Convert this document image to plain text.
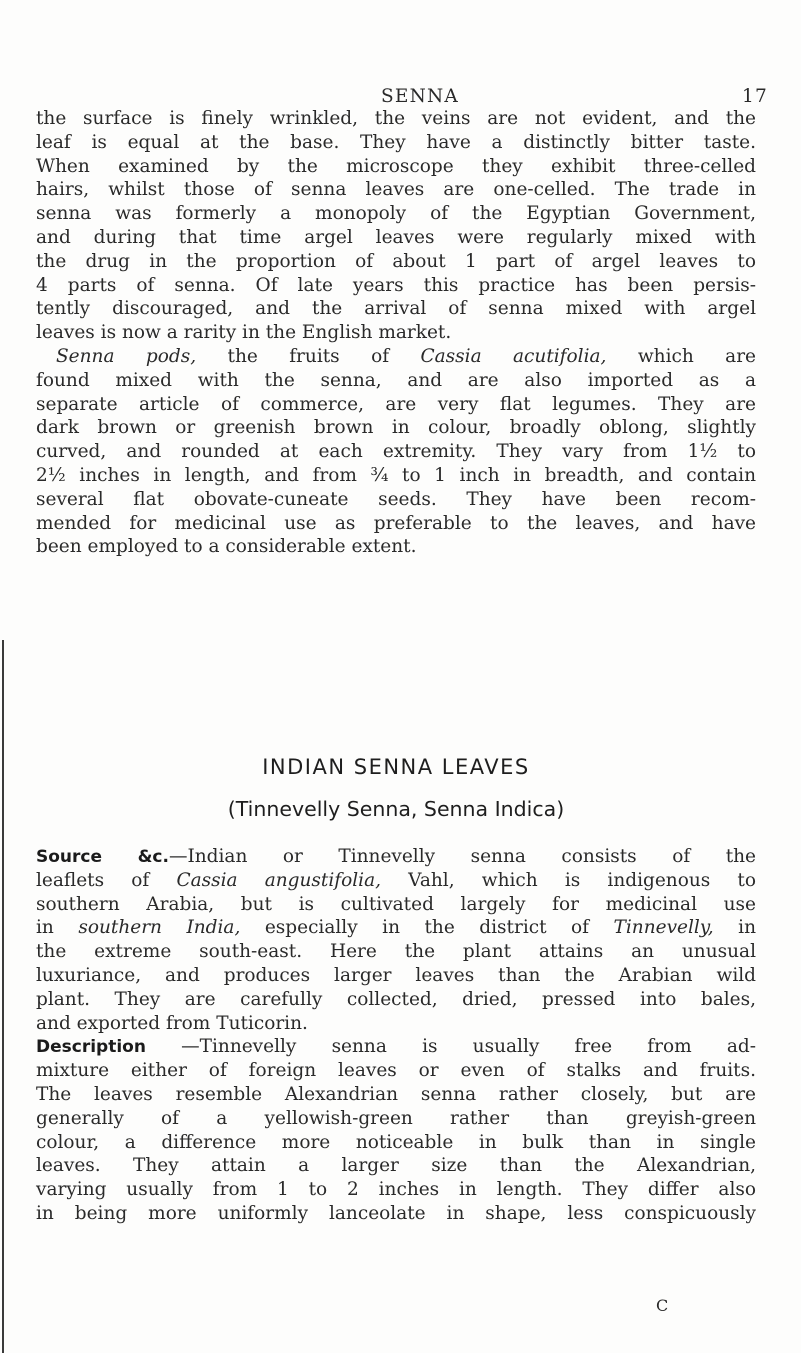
SENNA	17
the surface is finely wrinkled, the veins are not evident, and the
leaf is equal at the base. They have a distinctly bitter taste.
When examined by the microscope they exhibit three-celled
hairs, whilst those of senna leaves are one-celled. The trade in
senna was formerly a monopoly of the Egyptian Government,
and during that time argel leaves were regularly mixed with
the drug in the proportion of about 1 part of argel leaves to
4 parts of senna. Of late years this practice has been persis-
tently discouraged, and the arrival of senna mixed with argel
leaves is now a rarity in the English market.
Senna pods, the fruits of Cassia acutifolia, which are
found mixed with the senna, and are also imported as a
separate article of commerce, are very flat legumes. They are
dark brown or greenish brown in colour, broadly oblong, slightly
curved, and rounded at each extremity. They vary from 1½ to
2½ inches in length, and from ¾ to 1 inch in breadth, and contain
several flat obovate-cuneate seeds. They have been recom-
mended for medicinal use as preferable to the leaves, and have
been employed to a considerable extent.
INDIAN SENNA LEAVES
(Tinnevelly Senna, Senna Indica)
Source &c.—Indian or Tinnevelly senna consists of the
leaflets of Cassia angustifolia, Vahl, which is indigenous to
southern Arabia, but is cultivated largely for medicinal use
in southern India, especially in the district of Tinnevelly, in
the extreme south-east. Here the plant attains an unusual
luxuriance, and produces larger leaves than the Arabian wild
plant. They are carefully collected, dried, pressed into bales,
and exported from Tuticorin.
Description —Tinnevelly senna is usually free from ad-
mixture either of foreign leaves or even of stalks and fruits.
The leaves resemble Alexandrian senna rather closely, but are
generally of a yellowish-green rather than greyish-green
colour, a difference more noticeable in bulk than in single
leaves. They attain a larger size than the Alexandrian,
varying usually from 1 to 2 inches in length. They differ also
in being more uniformly lanceolate in shape, less conspicuously
C
